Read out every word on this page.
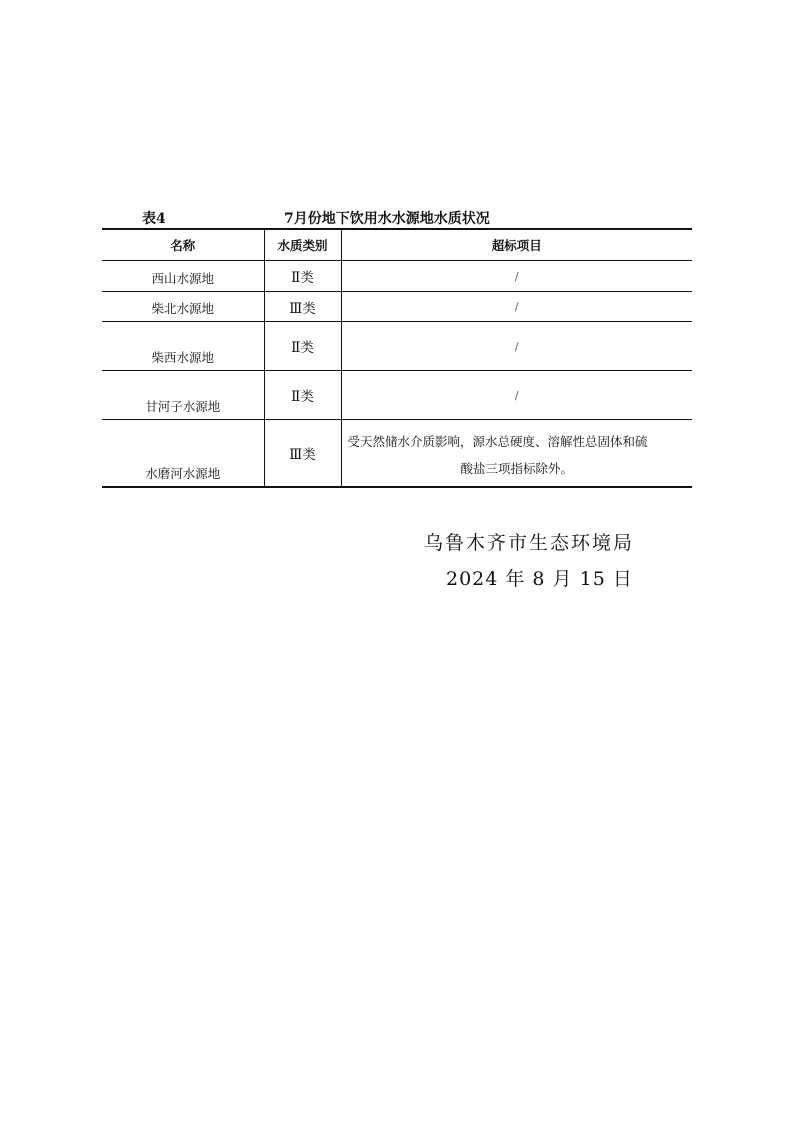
表4	7月份地下饮用水水源地水质状况
名称	水质类别	超标项目
西山水源地	Ⅱ类	/
柴北水源地	Ⅲ类	/
柴西水源地	Ⅱ类	/
甘河子水源地	Ⅱ类	/
水磨河水源地	Ⅲ类	受天然储水介质影响，源水总硬度、溶解性总固体和硫
酸盐三项指标除外。
乌鲁木齐市生态环境局
2024 年 8 月 15 日
